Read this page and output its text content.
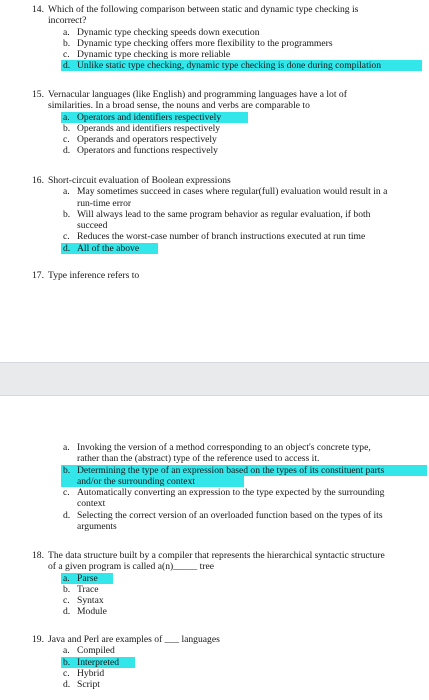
14. Which of the following comparison between static and dynamic type checking is
incorrect?
a. Dynamic type checking speeds down execution
b. Dynamic type checking offers more flexibility to the programmers
c. Dynamic type checking is more reliable
d. Unlike static type checking, dynamic type checking is done during compilation
15. Vernacular languages (like English) and programming languages have a lot of
similarities. In a broad sense, the nouns and verbs are comparable to
a. Operators and identifiers respectively
b. Operands and identifiers respectively
c. Operands and operators respectively
d. Operators and functions respectively
16. Short-circuit evaluation of Boolean expressions
a. May sometimes succeed in cases where regular(full) evaluation would result in a
run-time error
b. Will always lead to the same program behavior as regular evaluation, if both
succeed
c. Reduces the worst-case number of branch instructions executed at run time
d. All of the above
17. Type inference refers to
a. Invoking the version of a method corresponding to an object's concrete type,
rather than the (abstract) type of the reference used to access it.
b. Determining the type of an expression based on the types of its constituent parts
and/or the surrounding context
c. Automatically converting an expression to the type expected by the surrounding
context
d. Selecting the correct version of an overloaded function based on the types of its
arguments
18. The data structure built by a compiler that represents the hierarchical syntactic structure
of a given program is called a(n)_____ tree
a. Parse
b. Trace
c. Syntax
d. Module
19. Java and Perl are examples of ___ languages
a. Compiled
b. Interpreted
c. Hybrid
d. Script
